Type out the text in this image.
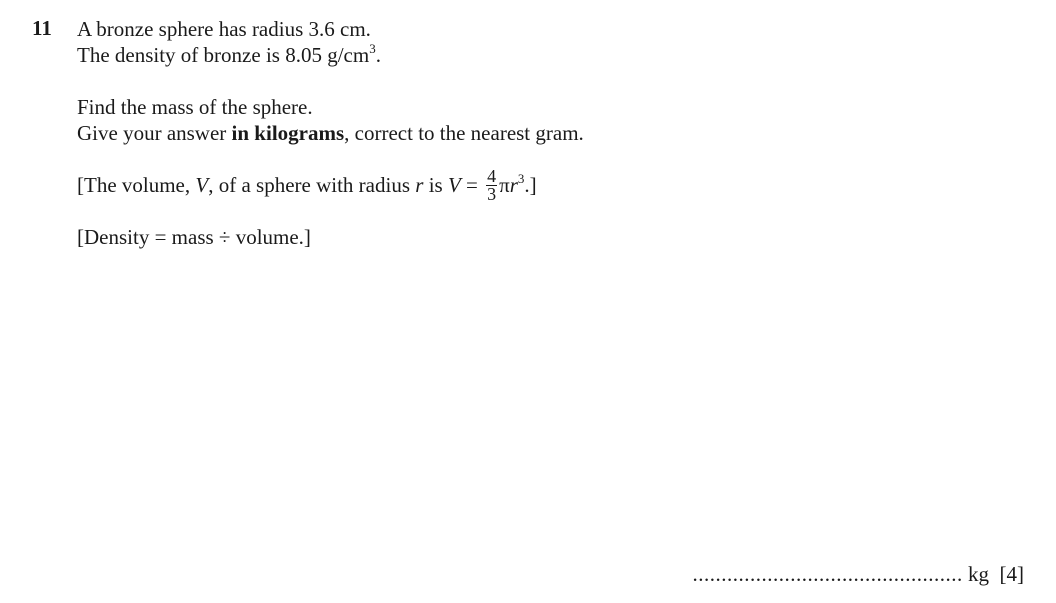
11 A bronze sphere has radius 3.6 cm.
The density of bronze is 8.05 $g/cm^3$.
Find the mass of the sphere.
Give your answer in kilograms, correct to the nearest gram.
[The volume, V, of a sphere with radius r is $V = \frac{4}{3} \pi r^3$.]
[Density = mass ÷ volume.]
............................................... kg [4]
